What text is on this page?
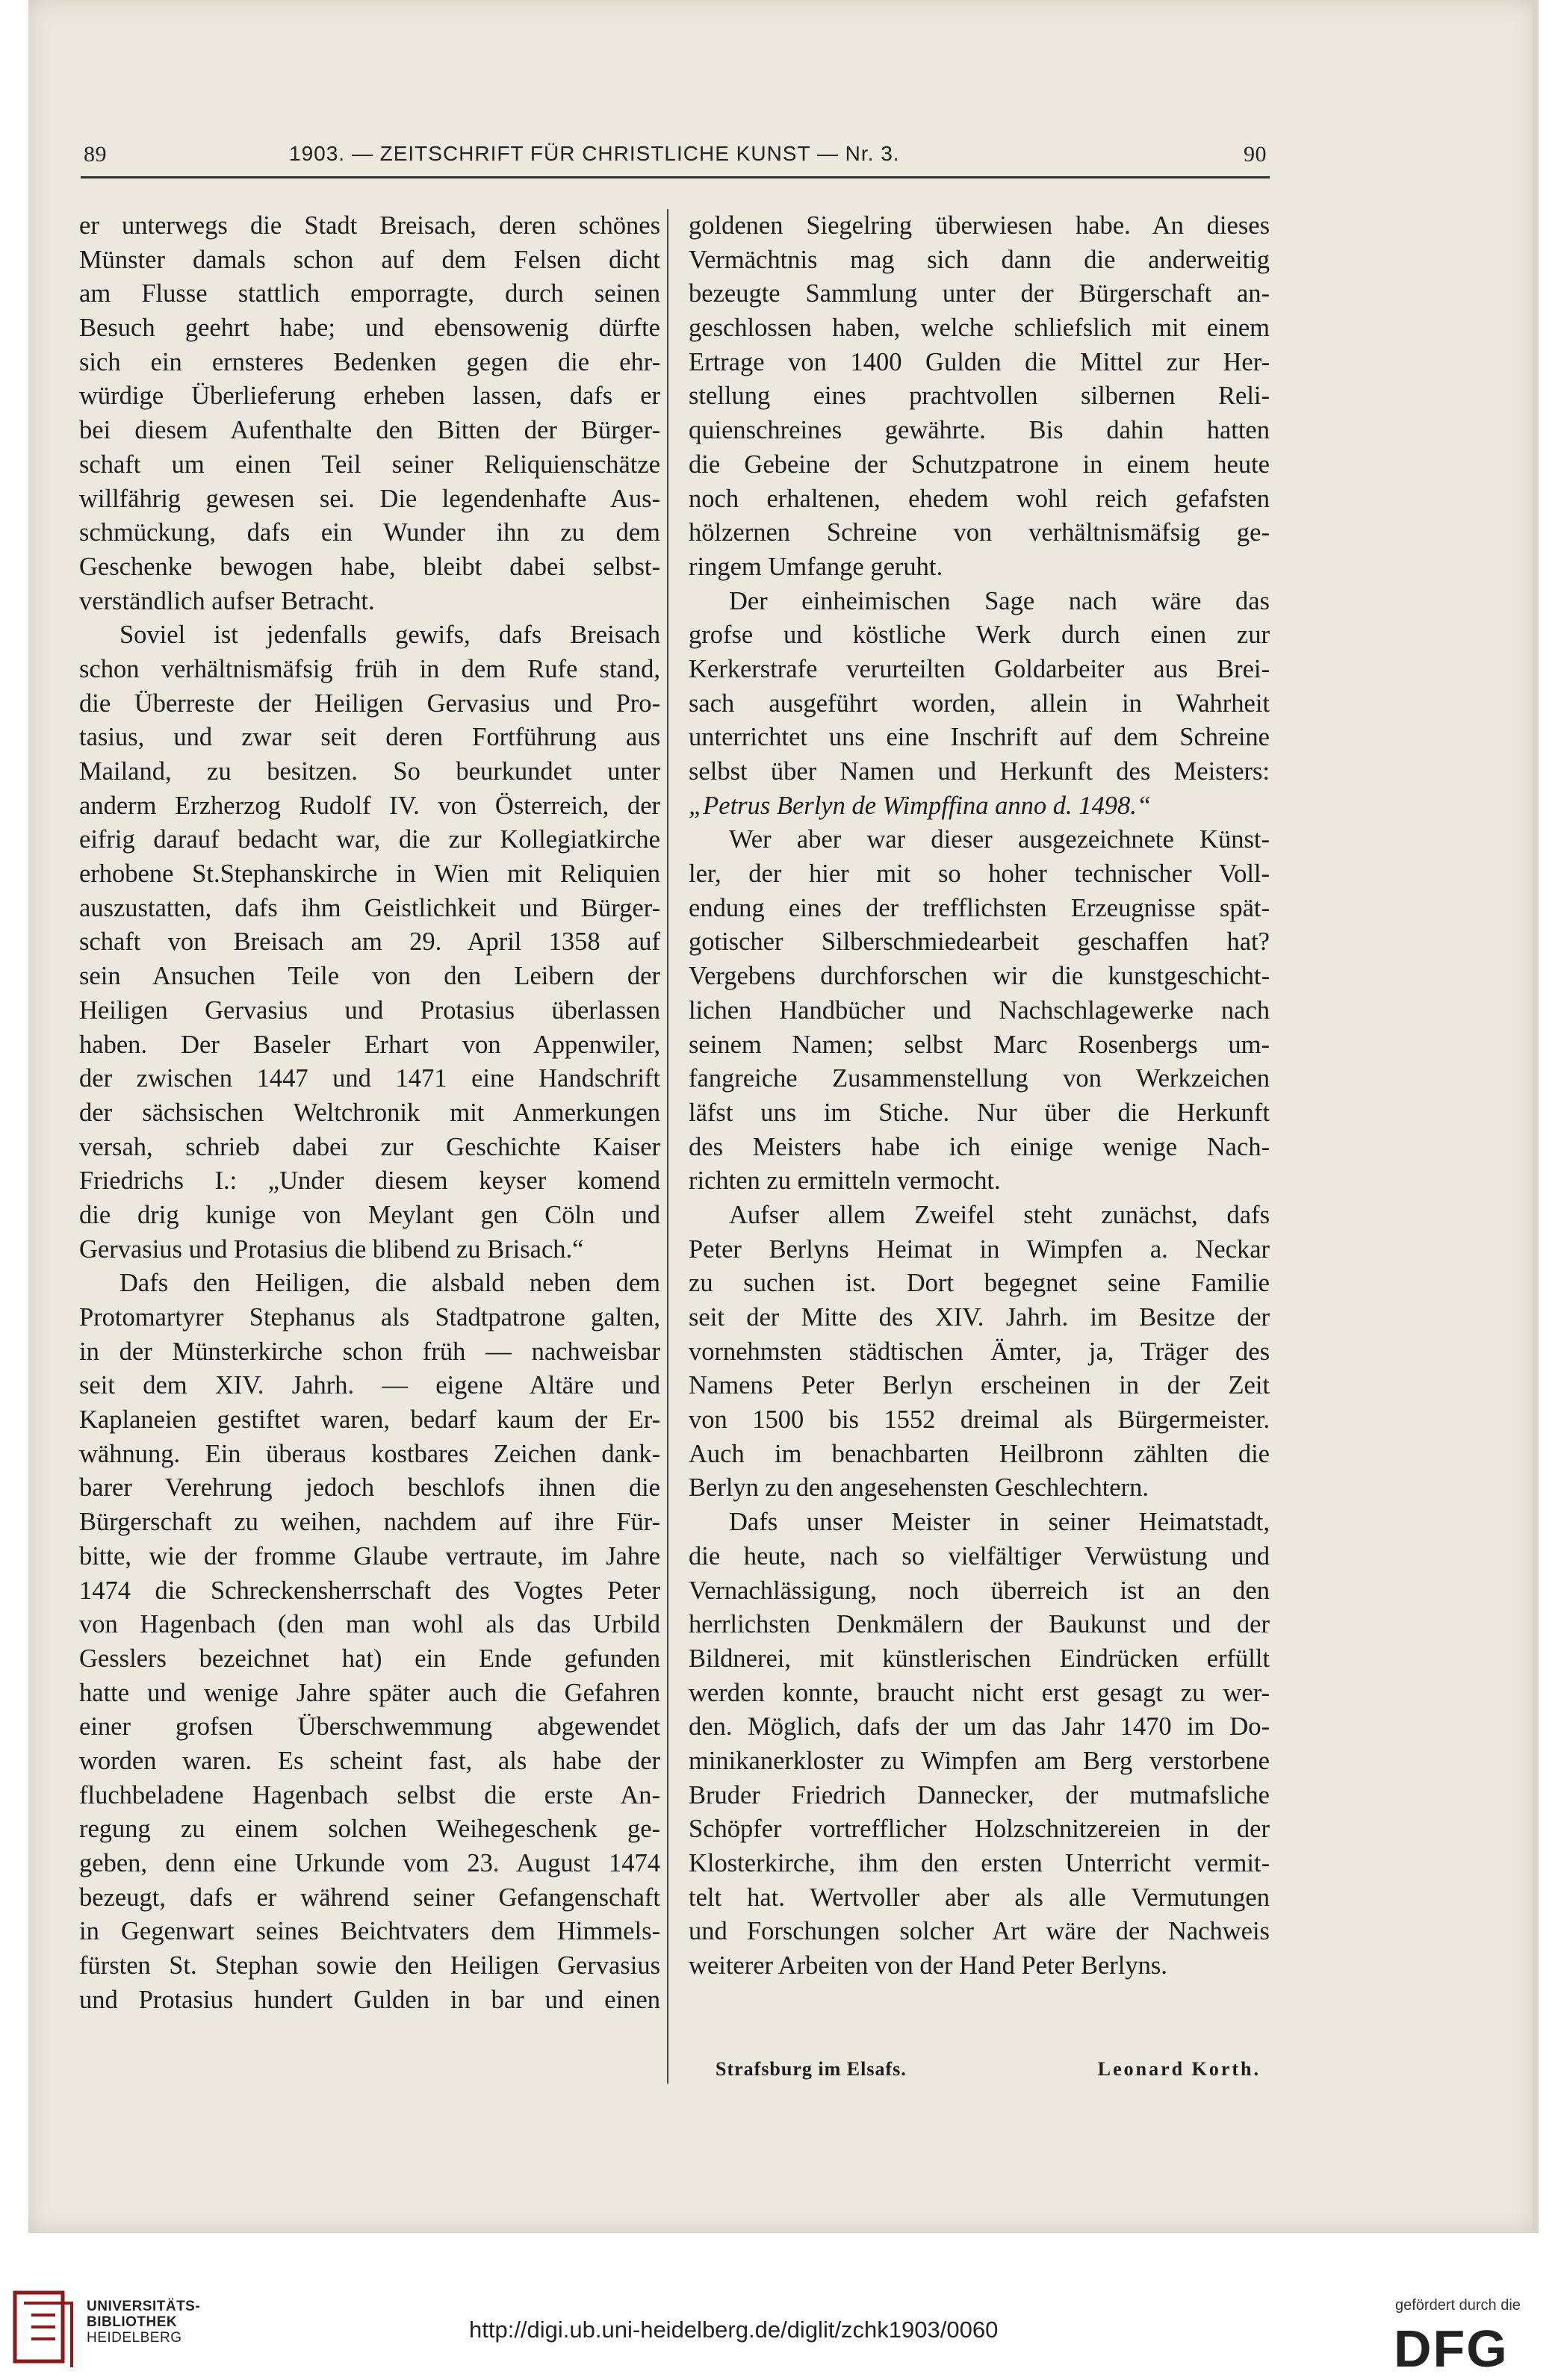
89	1903. — ZEITSCHRIFT FÜR CHRISTLICHE KUNST — Nr. 3.	90
er unterwegs die Stadt Breisach, deren schönes
Münster damals schon auf dem Felsen dicht
am Flusse stattlich emporragte, durch seinen
Besuch geehrt habe; und ebensowenig dürfte
sich ein ernsteres Bedenken gegen die ehr-
würdige Überlieferung erheben lassen, dafs er
bei diesem Aufenthalte den Bitten der Bürger-
schaft um einen Teil seiner Reliquienschätze
willfährig gewesen sei. Die legendenhafte Aus-
schmückung, dafs ein Wunder ihn zu dem
Geschenke bewogen habe, bleibt dabei selbst-
verständlich aufser Betracht.
Soviel ist jedenfalls gewifs, dafs Breisach
schon verhältnismäfsig früh in dem Rufe stand,
die Überreste der Heiligen Gervasius und Pro-
tasius, und zwar seit deren Fortführung aus
Mailand, zu besitzen. So beurkundet unter
anderm Erzherzog Rudolf IV. von Österreich, der
eifrig darauf bedacht war, die zur Kollegiatkirche
erhobene St.Stephanskirche in Wien mit Reliquien
auszustatten, dafs ihm Geistlichkeit und Bürger-
schaft von Breisach am 29. April 1358 auf
sein Ansuchen Teile von den Leibern der
Heiligen Gervasius und Protasius überlassen
haben. Der Baseler Erhart von Appenwiler,
der zwischen 1447 und 1471 eine Handschrift
der sächsischen Weltchronik mit Anmerkungen
versah, schrieb dabei zur Geschichte Kaiser
Friedrichs I.: „Under diesem keyser komend
die drig kunige von Meylant gen Cöln und
Gervasius und Protasius die blibend zu Brisach.“
Dafs den Heiligen, die alsbald neben dem
Protomartyrer Stephanus als Stadtpatrone galten,
in der Münsterkirche schon früh — nachweisbar
seit dem XIV. Jahrh. — eigene Altäre und
Kaplaneien gestiftet waren, bedarf kaum der Er-
wähnung. Ein überaus kostbares Zeichen dank-
barer Verehrung jedoch beschlofs ihnen die
Bürgerschaft zu weihen, nachdem auf ihre Für-
bitte, wie der fromme Glaube vertraute, im Jahre
1474 die Schreckensherrschaft des Vogtes Peter
von Hagenbach (den man wohl als das Urbild
Gesslers bezeichnet hat) ein Ende gefunden
hatte und wenige Jahre später auch die Gefahren
einer grofsen Überschwemmung abgewendet
worden waren. Es scheint fast, als habe der
fluchbeladene Hagenbach selbst die erste An-
regung zu einem solchen Weihegeschenk ge-
geben, denn eine Urkunde vom 23. August 1474
bezeugt, dafs er während seiner Gefangenschaft
in Gegenwart seines Beichtvaters dem Himmels-
fürsten St. Stephan sowie den Heiligen Gervasius
und Protasius hundert Gulden in bar und einen
goldenen Siegelring überwiesen habe. An dieses
Vermächtnis mag sich dann die anderweitig
bezeugte Sammlung unter der Bürgerschaft an-
geschlossen haben, welche schliefslich mit einem
Ertrage von 1400 Gulden die Mittel zur Her-
stellung eines prachtvollen silbernen Reli-
quienschreines gewährte. Bis dahin hatten
die Gebeine der Schutzpatrone in einem heute
noch erhaltenen, ehedem wohl reich gefafsten
hölzernen Schreine von verhältnismäfsig ge-
ringem Umfange geruht.
Der einheimischen Sage nach wäre das
grofse und köstliche Werk durch einen zur
Kerkerstrafe verurteilten Goldarbeiter aus Brei-
sach ausgeführt worden, allein in Wahrheit
unterrichtet uns eine Inschrift auf dem Schreine
selbst über Namen und Herkunft des Meisters:
„Petrus Berlyn de Wimpffina anno d. 1498.“
Wer aber war dieser ausgezeichnete Künst-
ler, der hier mit so hoher technischer Voll-
endung eines der trefflichsten Erzeugnisse spät-
gotischer Silberschmiedearbeit geschaffen hat?
Vergebens durchforschen wir die kunstgeschicht-
lichen Handbücher und Nachschlagewerke nach
seinem Namen; selbst Marc Rosenbergs um-
fangreiche Zusammenstellung von Werkzeichen
läfst uns im Stiche. Nur über die Herkunft
des Meisters habe ich einige wenige Nach-
richten zu ermitteln vermocht.
Aufser allem Zweifel steht zunächst, dafs
Peter Berlyns Heimat in Wimpfen a. Neckar
zu suchen ist. Dort begegnet seine Familie
seit der Mitte des XIV. Jahrh. im Besitze der
vornehmsten städtischen Ämter, ja, Träger des
Namens Peter Berlyn erscheinen in der Zeit
von 1500 bis 1552 dreimal als Bürgermeister.
Auch im benachbarten Heilbronn zählten die
Berlyn zu den angesehensten Geschlechtern.
Dafs unser Meister in seiner Heimatstadt,
die heute, nach so vielfältiger Verwüstung und
Vernachlässigung, noch überreich ist an den
herrlichsten Denkmälern der Baukunst und der
Bildnerei, mit künstlerischen Eindrücken erfüllt
werden konnte, braucht nicht erst gesagt zu wer-
den. Möglich, dafs der um das Jahr 1470 im Do-
minikanerkloster zu Wimpfen am Berg verstorbene
Bruder Friedrich Dannecker, der mutmafsliche
Schöpfer vortrefflicher Holzschnitzereien in der
Klosterkirche, ihm den ersten Unterricht vermit-
telt hat. Wertvoller aber als alle Vermutungen
und Forschungen solcher Art wäre der Nachweis
weiterer Arbeiten von der Hand Peter Berlyns.
Strafsburg im Elsafs.	Leonard Korth.
UNIVERSITÄTS-
BIBLIOTHEK
HEIDELBERG	http://digi.ub.uni-heidelberg.de/diglit/zchk1903/0060
gefördert durch die
DFG
